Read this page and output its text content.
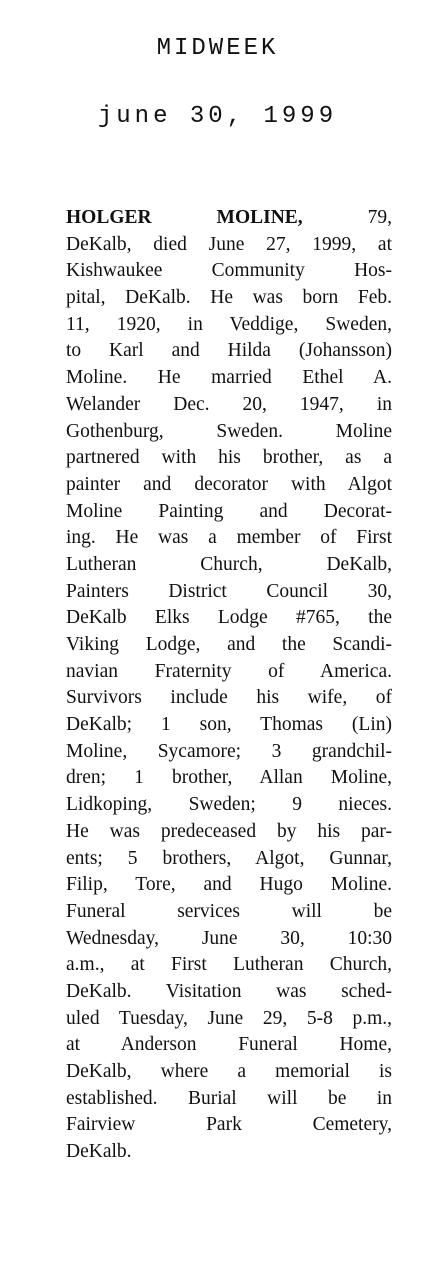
MIDWEEK
june 30, 1999
HOLGER MOLINE, 79,
DeKalb, died June 27, 1999, at
Kishwaukee Community Hos-
pital, DeKalb. He was born Feb.
11, 1920, in Veddige, Sweden,
to Karl and Hilda (Johansson)
Moline. He married Ethel A.
Welander Dec. 20, 1947, in
Gothenburg, Sweden. Moline
partnered with his brother, as a
painter and decorator with Algot
Moline Painting and Decorat-
ing. He was a member of First
Lutheran Church, DeKalb,
Painters District Council 30,
DeKalb Elks Lodge #765, the
Viking Lodge, and the Scandi-
navian Fraternity of America.
Survivors include his wife, of
DeKalb; 1 son, Thomas (Lin)
Moline, Sycamore; 3 grandchil-
dren; 1 brother, Allan Moline,
Lidkoping, Sweden; 9 nieces.
He was predeceased by his par-
ents; 5 brothers, Algot, Gunnar,
Filip, Tore, and Hugo Moline.
Funeral services will be
Wednesday, June 30, 10:30
a.m., at First Lutheran Church,
DeKalb. Visitation was sched-
uled Tuesday, June 29, 5-8 p.m.,
at Anderson Funeral Home,
DeKalb, where a memorial is
established. Burial will be in
Fairview Park Cemetery,
DeKalb.
